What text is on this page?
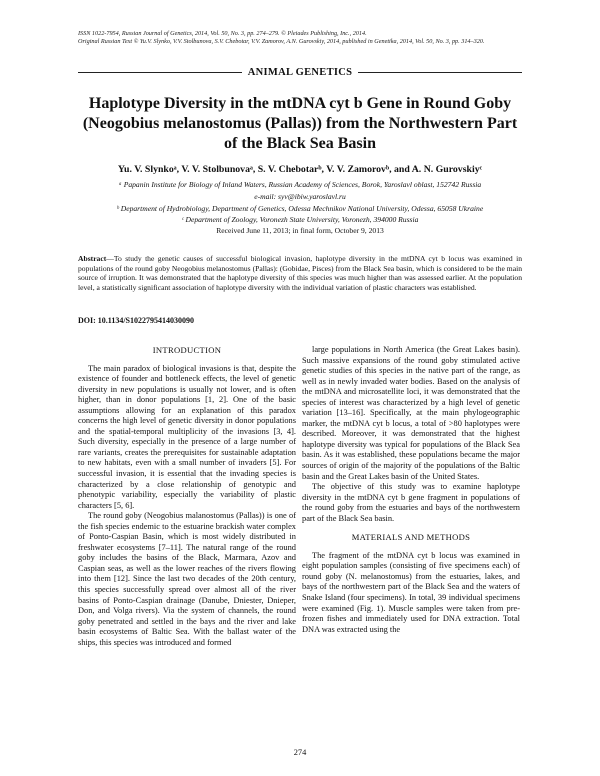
ISSN 1022-7954, Russian Journal of Genetics, 2014, Vol. 50, No. 3, pp. 274–279. © Pleiades Publishing, Inc., 2014.
Original Russian Text © Yu.V. Slynko, V.V. Stolbunova, S.V. Chebotar, V.V. Zamorov, A.N. Gurovskiy, 2014, published in Genetika, 2014, Vol. 50, No. 3, pp. 314–320.
ANIMAL GENETICS
Haplotype Diversity in the mtDNA cyt b Gene in Round Goby (Neogobius melanostomus (Pallas)) from the Northwestern Part of the Black Sea Basin
Yu. V. Slynkoᵃ, V. V. Stolbunovaᵃ, S. V. Chebotarᵇ, V. V. Zamorovᵇ, and A. N. Gurovskiyᶜ
ᵃ Papanin Institute for Biology of Inland Waters, Russian Academy of Sciences, Borok, Yaroslavl oblast, 152742 Russia
e-mail: syv@ibiw.yaroslavl.ru
ᵇ Department of Hydrobiology, Department of Genetics, Odessa Mechnikov National University, Odessa, 65058 Ukraine
ᶜ Department of Zoology, Voronezh State University, Voronezh, 394000 Russia
Received June 11, 2013; in final form, October 9, 2013
Abstract—To study the genetic causes of successful biological invasion, haplotype diversity in the mtDNA cyt b locus was examined in populations of the round goby Neogobius melanostomus (Pallas): (Gobidae, Pisces) from the Black Sea basin, which is considered to be the main source of irruption. It was demonstrated that the haplotype diversity of this species was much higher than was assessed earlier. At the population level, a statistically significant association of haplotype diversity with the individual variation of plastic characters was established.
DOI: 10.1134/S1022795414030090

INTRODUCTION

The main paradox of biological invasions is that, despite the existence of founder and bottleneck effects, the level of genetic diversity in new populations is usually not lower, and is often higher, than in donor populations [1, 2]. One of the basic assumptions allowing for an explanation of this paradox concerns the high level of genetic diversity in donor populations and the spatial-temporal multiplicity of the invasions [3, 4]. Such diversity, especially in the presence of a large number of rare variants, creates the prerequisites for sustainable adaptation to new habitats, even with a small number of invaders [5]. For successful invasion, it is essential that the invading species is characterized by a close relationship of genotypic and phenotypic variability, especially the variability of plastic characters [5, 6].

The round goby (Neogobius malanostomus (Pallas)) is one of the fish species endemic to the estuarine brackish water complex of Ponto-Caspian Basin, which is most widely distributed in freshwater ecosystems [7–11]. The natural range of the round goby includes the basins of the Black, Marmara, Azov and Caspian seas, as well as the lower reaches of the rivers flowing into them [12]. Since the last two decades of the 20th century, this species successfully spread over almost all of the river basins of Ponto-Caspian drainage (Danube, Dniester, Dnieper, Don, and Volga rivers). Via the system of channels, the round goby penetrated and settled in the bays and the river and lake basin ecosystems of Baltic Sea. With the ballast water of the ships, this species was introduced and formed

large populations in North America (the Great Lakes basin). Such massive expansions of the round goby stimulated active genetic studies of this species in the native part of the range, as well as in newly invaded water bodies. Based on the analysis of the mtDNA and microsatellite loci, it was demonstrated that the species of interest was characterized by a high level of genetic variation [13–16]. Specifically, at the main phylogeographic marker, the mtDNA cyt b locus, a total of >80 haplotypes were described. Moreover, it was demonstrated that the highest haplotype diversity was typical for populations of the Black Sea basin. As it was established, these populations became the major sources of origin of the majority of the populations of the Baltic basin and the Great Lakes basin of the United States.

The objective of this study was to examine haplotype diversity in the mtDNA cyt b gene fragment in populations of the round goby from the estuaries and bays of the northwestern part of the Black Sea basin.

MATERIALS AND METHODS

The fragment of the mtDNA cyt b locus was examined in eight population samples (consisting of five specimens each) of round goby (N. melanostomus) from the estuaries, lakes, and bays of the northwestern part of the Black Sea and the waters of Snake Island (four specimens). In total, 39 individual specimens were examined (Fig. 1). Muscle samples were taken from pre-frozen fishes and immediately used for DNA extraction. Total DNA was extracted using the

274
